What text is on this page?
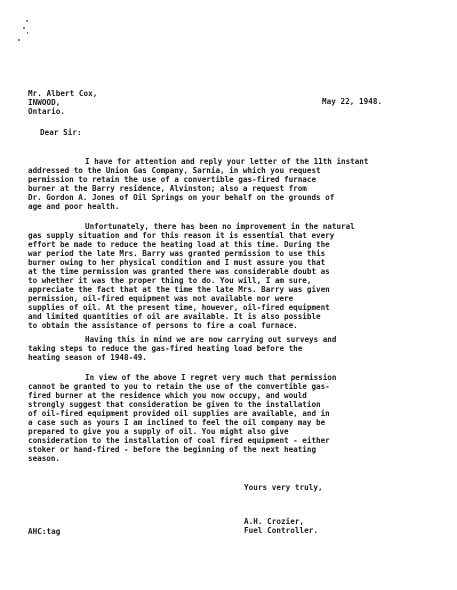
Mr. Albert Cox,
INWOOD,
Ontario.
May 22, 1948.
Dear Sir:
I have for attention and reply your letter of the 11th instant
addressed to the Union Gas Company, Sarnia, in which you request
permission to retain the use of a convertible gas-fired furnace
burner at the Barry residence, Alvinston; also a request from
Dr. Gordon A. Jones of Oil Springs on your behalf on the grounds of
age and poor health.
Unfortunately, there has been no improvement in the natural
gas supply situation and for this reason it is essential that every
effort be made to reduce the heating load at this time. During the
war period the late Mrs. Barry was granted permission to use this
burner owing to her physical condition and I must assure you that
at the time permission was granted there was considerable doubt as
to whether it was the proper thing to do. You will, I am sure,
appreciate the fact that at the time the late Mrs. Barry was given
permission, oil-fired equipment was not available nor were
supplies of oil. At the present time, however, oil-fired equipment
and limited quantities of oil are available. It is also possible
to obtain the assistance of persons to fire a coal furnace.
Having this in mind we are now carrying out surveys and
taking steps to reduce the gas-fired heating load before the
heating season of 1948-49.
In view of the above I regret very much that permission
cannot be granted to you to retain the use of the convertible gas-
fired burner at the residence which you now occupy, and would
strongly suggest that consideration be given to the installation
of oil-fired equipment provided oil supplies are available, and in
a case such as yours I am inclined to feel the oil company may be
prepared to give you a supply of oil. You might also give
consideration to the installation of coal fired equipment - either
stoker or hand-fired - before the beginning of the next heating
season.
Yours very truly,
A.H. Crozier,
Fuel Controller.
AHC:tag
